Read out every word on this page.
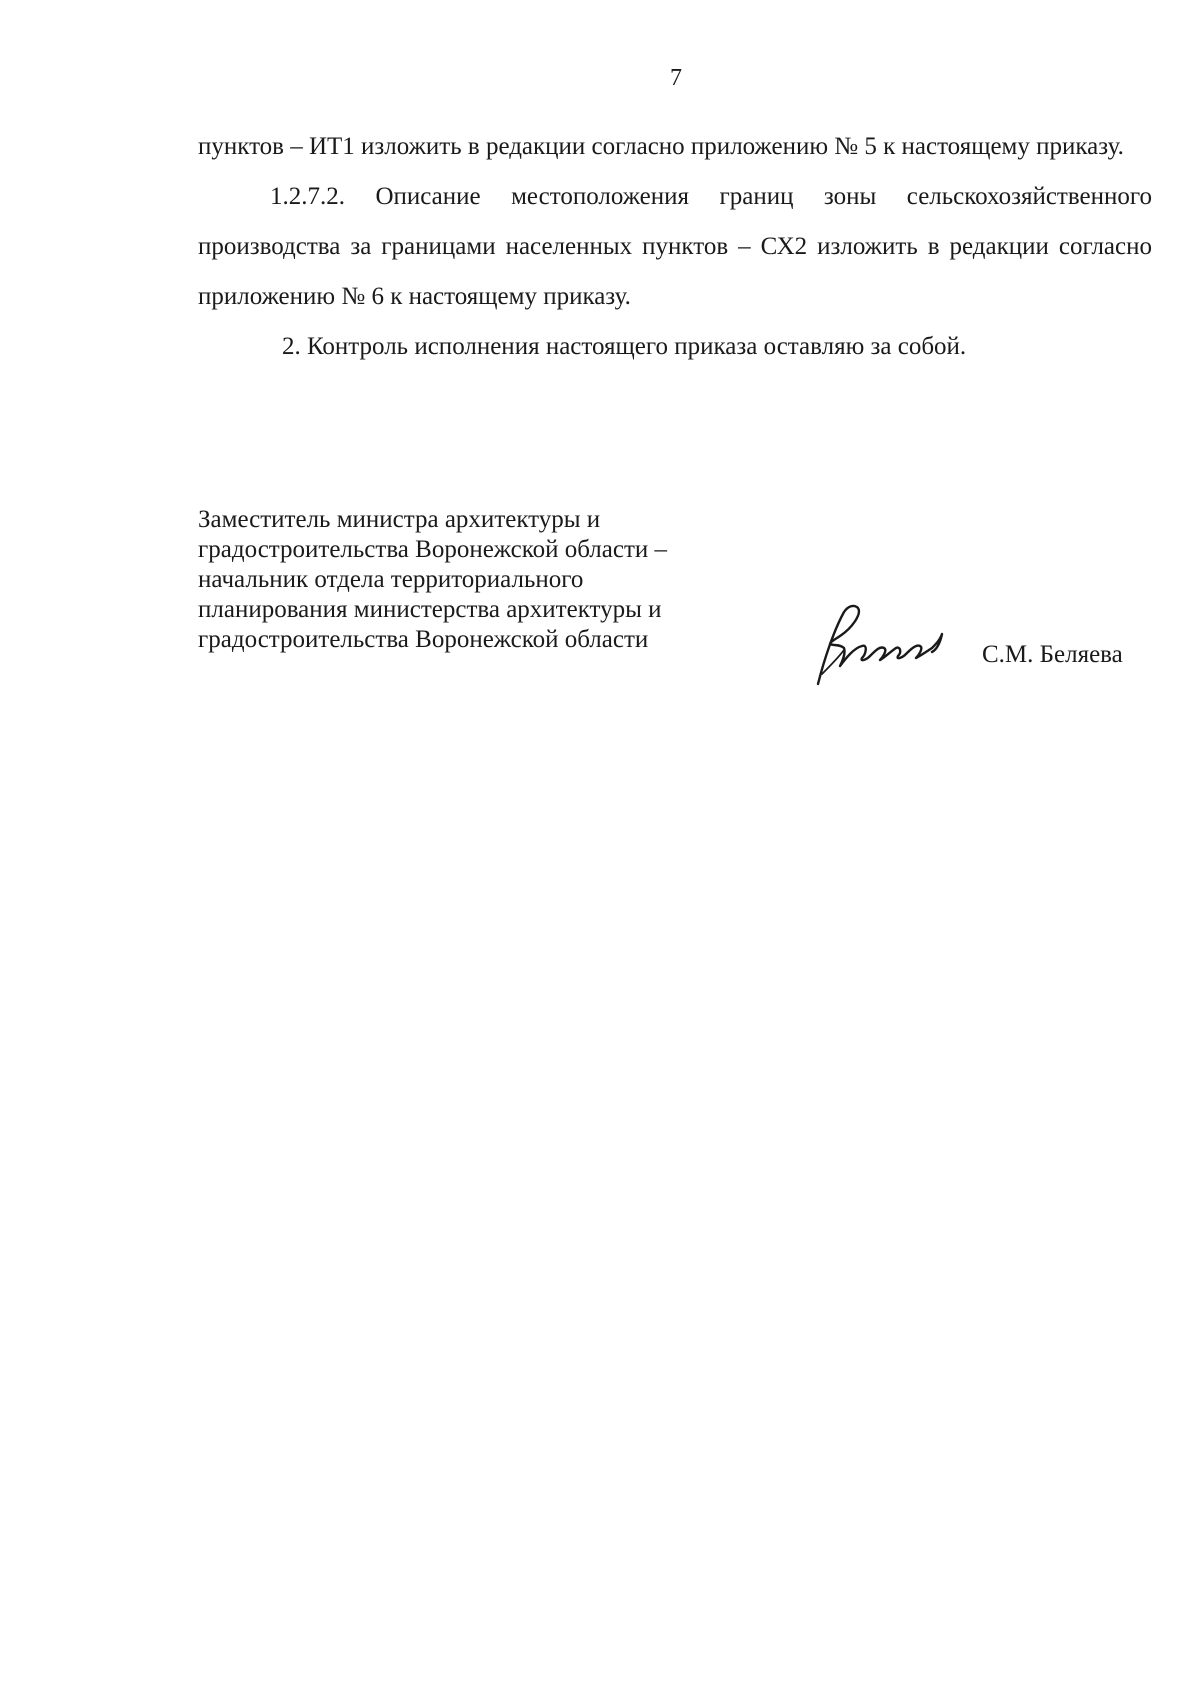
7

пунктов – ИТ1 изложить в редакции согласно приложению № 5 к настоящему приказу.

1.2.7.2. Описание местоположения границ зоны сельскохозяйственного производства за границами населенных пунктов – СХ2 изложить в редакции согласно приложению № 6 к настоящему приказу.

2. Контроль исполнения настоящего приказа оставляю за собой.

Заместитель министра архитектуры и
градостроительства Воронежской области –
начальник отдела территориального
планирования министерства архитектуры и
градостроительства Воронежской области
С.М. Беляева
